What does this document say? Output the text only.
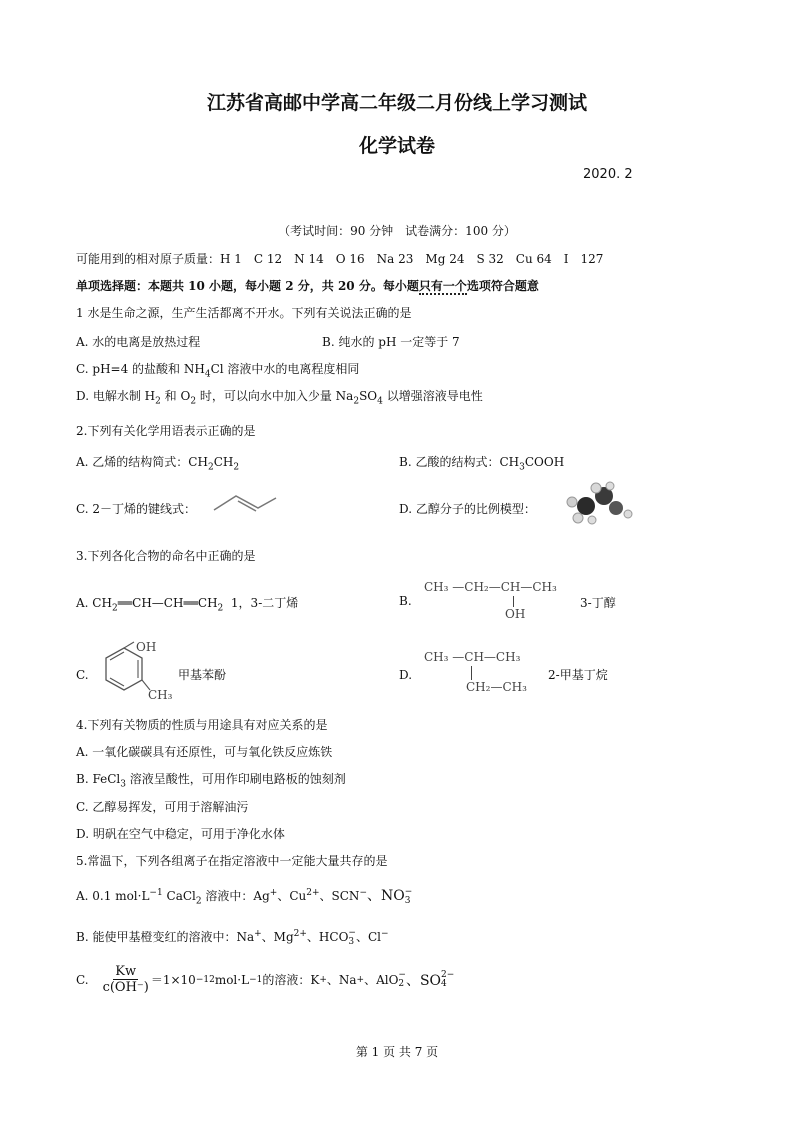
江苏省高邮中学高二年级二月份线上学习测试
化学试卷
2020. 2
（考试时间：90 分钟　试卷满分：100 分）
可能用到的相对原子质量：H 1　C 12　N 14　O 16　Na 23　Mg 24　S 32　Cu 64　I　127
单项选择题：本题共 10 小题，每小题 2 分，共 20 分。每小题只有一个选项符合题意
1 水是生命之源，生产生活都离不开水。下列有关说法正确的是
A. 水的电离是放热过程	B. 纯水的 pH 一定等于 7
C. pH=4 的盐酸和 $NH_4Cl$ 溶液中水的电离程度相同
D. 电解水制 $H_2$ 和 $O_2$ 时，可以向水中加入少量 $Na_2SO_4$ 以增强溶液导电性
2.下列有关化学用语表示正确的是
A. 乙烯的结构简式：$CH_2CH_2$	B. 乙酸的结构式：$CH_3COOH$
C. 2－丁烯的键线式：	D. 乙醇分子的比例模型：
3.下列各化合物的命名中正确的是
A. $CH_2══CH—CH══CH_2$ 1，3-二丁烯	B.
CH₃ —CH₂—CH—CH₃
OH
3-丁醇
C.
OH
CH₃
甲基苯酚	D.
CH₃ —CH—CH₃
CH₂—CH₃
2-甲基丁烷
4.下列有关物质的性质与用途具有对应关系的是
A. 一氧化碳碳具有还原性，可与氧化铁反应炼铁
B. FeCl$_3$ 溶液呈酸性，可用作印刷电路板的蚀刻剂
C. 乙醇易挥发，可用于溶解油污
D. 明矾在空气中稳定，可用于净化水体
5.常温下，下列各组离子在指定溶液中一定能大量共存的是
A. 0.1 $mol\cdot L^{-1}$ CaCl$_2$ 溶液中：Ag+、$Cu^{2+}$、SCN−、NO −
3
B. 能使甲基橙变红的溶液中：Na+、$Mg^{2+}$、HCO −
3 、Cl−
C. $\frac{Kw}{c(OH^-)} =1\times 10 -12$ mol·L −1 的溶液：K + 、Na + 、AlO −
2 、SO 2−
4
第 1 页 共 7 页
